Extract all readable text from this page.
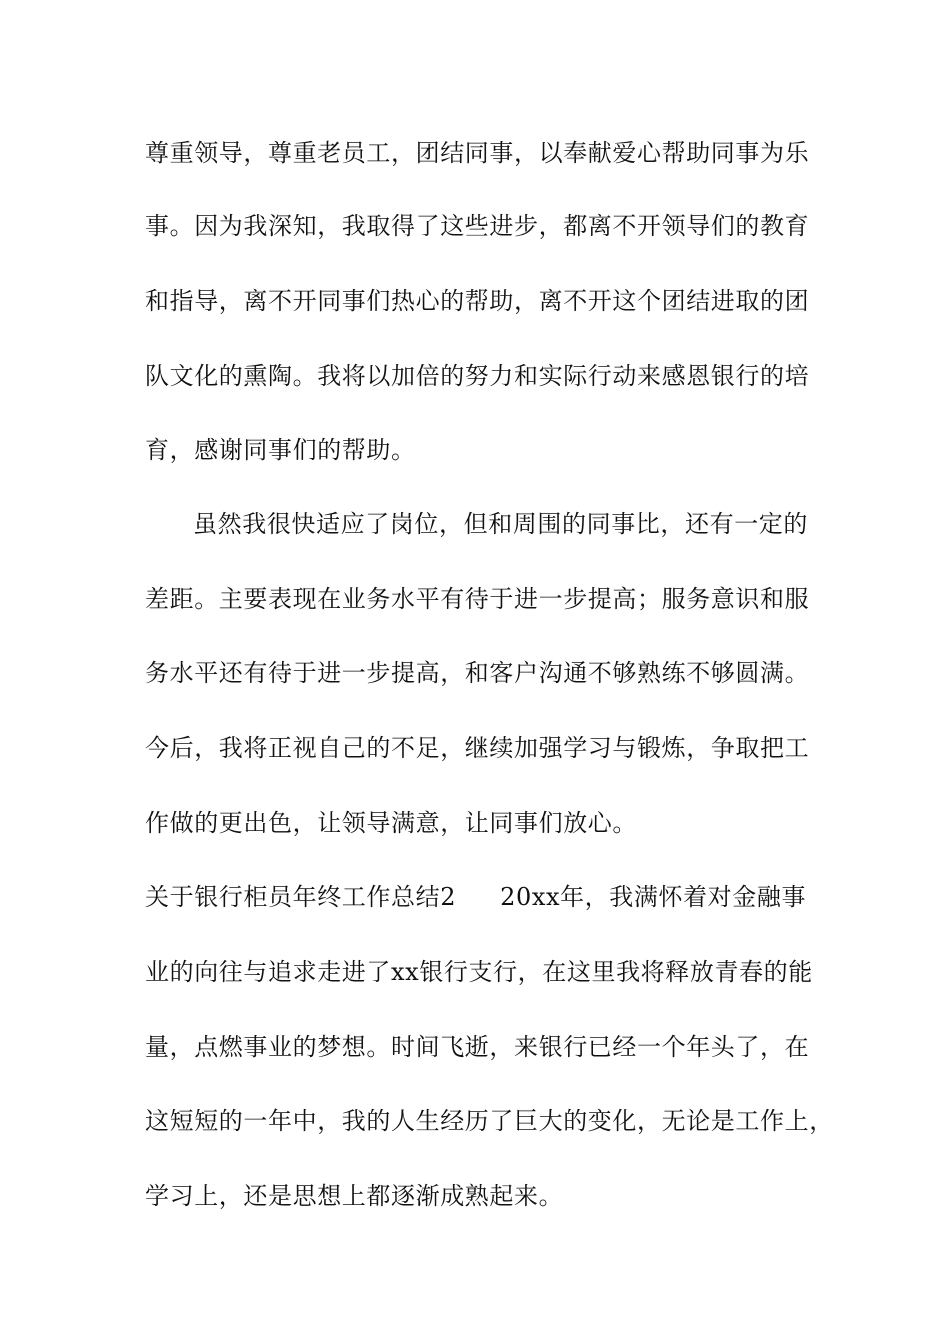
尊重领导，尊重老员工，团结同事，以奉献爱心帮助同事为乐
事。因为我深知，我取得了这些进步，都离不开领导们的教育
和指导，离不开同事们热心的帮助，离不开这个团结进取的团
队文化的熏陶。我将以加倍的努力和实际行动来感恩银行的培
育，感谢同事们的帮助。
虽然我很快适应了岗位，但和周围的同事比，还有一定的
差距。主要表现在业务水平有待于进一步提高；服务意识和服
务水平还有待于进一步提高，和客户沟通不够熟练不够圆满。
今后，我将正视自己的不足，继续加强学习与锻炼，争取把工
作做的更出色，让领导满意，让同事们放心。
关于银行柜员年终工作总结2 20xx年，我满怀着对金融事
业的向往与追求走进了xx银行支行，在这里我将释放青春的能
量，点燃事业的梦想。时间飞逝，来银行已经一个年头了，在
这短短的一年中，我的人生经历了巨大的变化，无论是工作上，
学习上，还是思想上都逐渐成熟起来。
